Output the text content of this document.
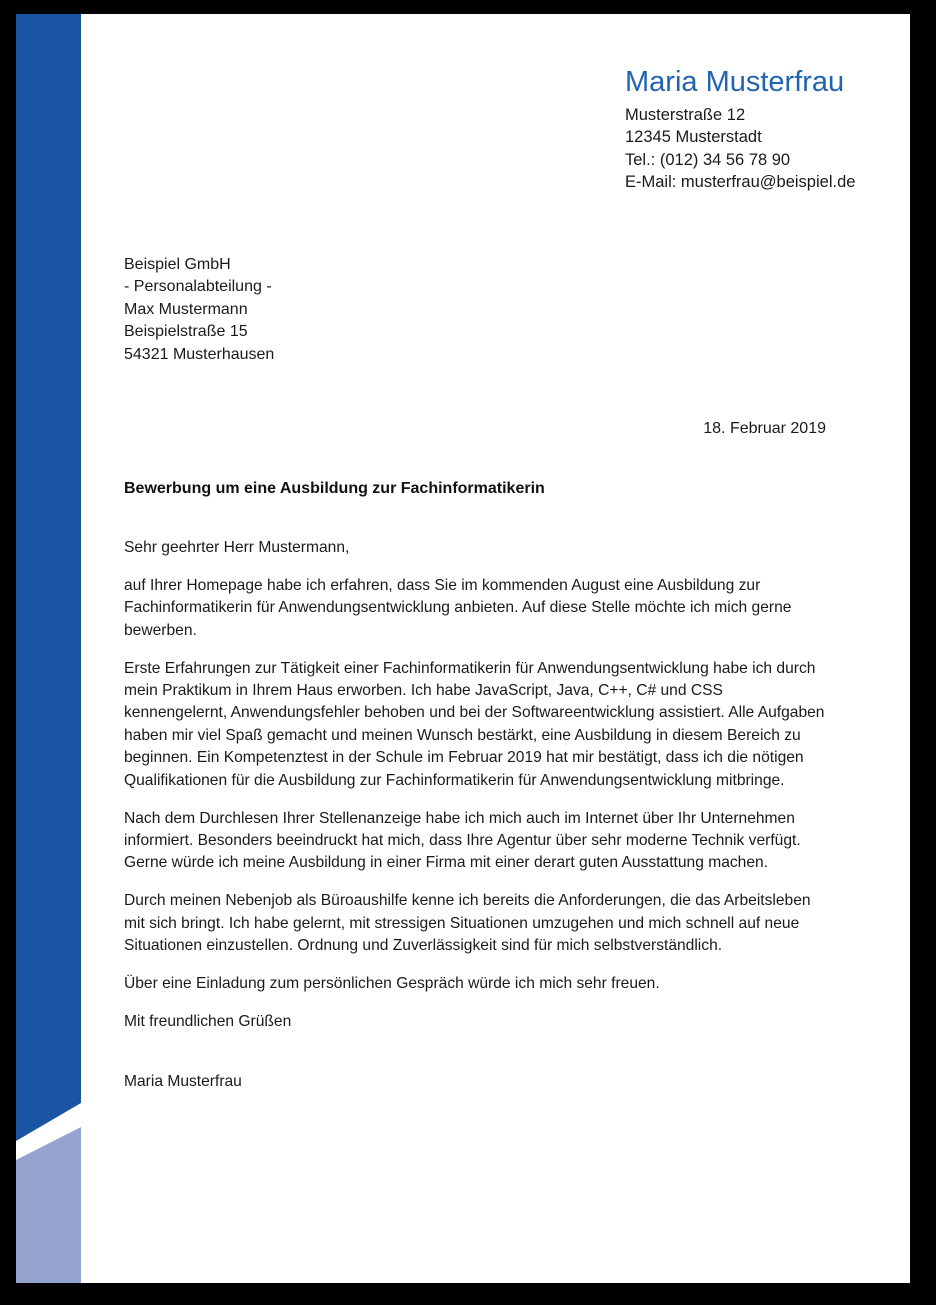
Maria Musterfrau
Musterstraße 12
12345 Musterstadt
Tel.: (012) 34 56 78 90
E-Mail: musterfrau@beispiel.de
Beispiel GmbH
- Personalabteilung -
Max Mustermann
Beispielstraße 15
54321 Musterhausen
18. Februar 2019
Bewerbung um eine Ausbildung zur Fachinformatikerin

Sehr geehrter Herr Mustermann,

auf Ihrer Homepage habe ich erfahren, dass Sie im kommenden August eine Ausbildung zur Fachinformatikerin für Anwendungsentwicklung anbieten. Auf diese Stelle möchte ich mich gerne bewerben.

Erste Erfahrungen zur Tätigkeit einer Fachinformatikerin für Anwendungsentwicklung habe ich durch mein Praktikum in Ihrem Haus erworben. Ich habe JavaScript, Java, C++, C# und CSS kennengelernt, Anwendungsfehler behoben und bei der Softwareentwicklung assistiert. Alle Aufgaben haben mir viel Spaß gemacht und meinen Wunsch bestärkt, eine Ausbildung in diesem Bereich zu beginnen. Ein Kompetenztest in der Schule im Februar 2019 hat mir bestätigt, dass ich die nötigen Qualifikationen für die Ausbildung zur Fachinformatikerin für Anwendungsentwicklung mitbringe.

Nach dem Durchlesen Ihrer Stellenanzeige habe ich mich auch im Internet über Ihr Unternehmen informiert. Besonders beeindruckt hat mich, dass Ihre Agentur über sehr moderne Technik verfügt. Gerne würde ich meine Ausbildung in einer Firma mit einer derart guten Ausstattung machen.

Durch meinen Nebenjob als Büroaushilfe kenne ich bereits die Anforderungen, die das Arbeitsleben mit sich bringt. Ich habe gelernt, mit stressigen Situationen umzugehen und mich schnell auf neue Situationen einzustellen. Ordnung und Zuverlässigkeit sind für mich selbstverständlich.

Über eine Einladung zum persönlichen Gespräch würde ich mich sehr freuen.

Mit freundlichen Grüßen

Maria Musterfrau
